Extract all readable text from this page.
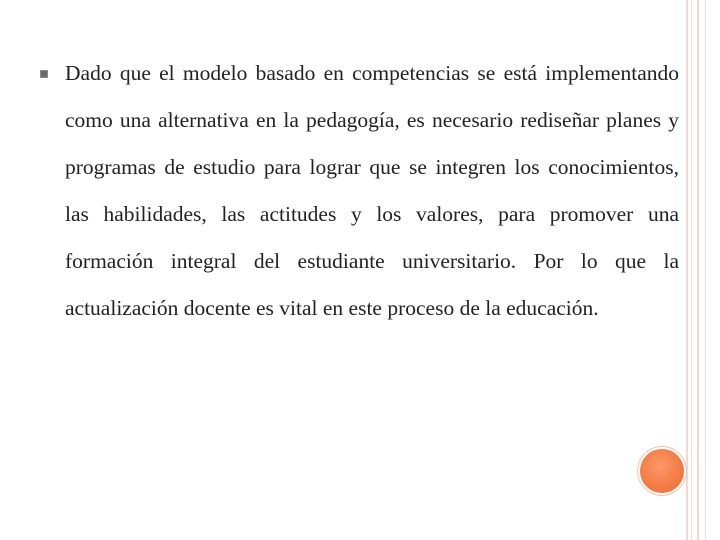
Dado que el modelo basado en competencias se está implementando como una alternativa en la pedagogía, es necesario rediseñar planes y programas de estudio para lograr que se integren los conocimientos, las habilidades, las actitudes y los valores, para promover una formación integral del estudiante universitario. Por lo que la actualización docente es vital en este proceso de la educación.
